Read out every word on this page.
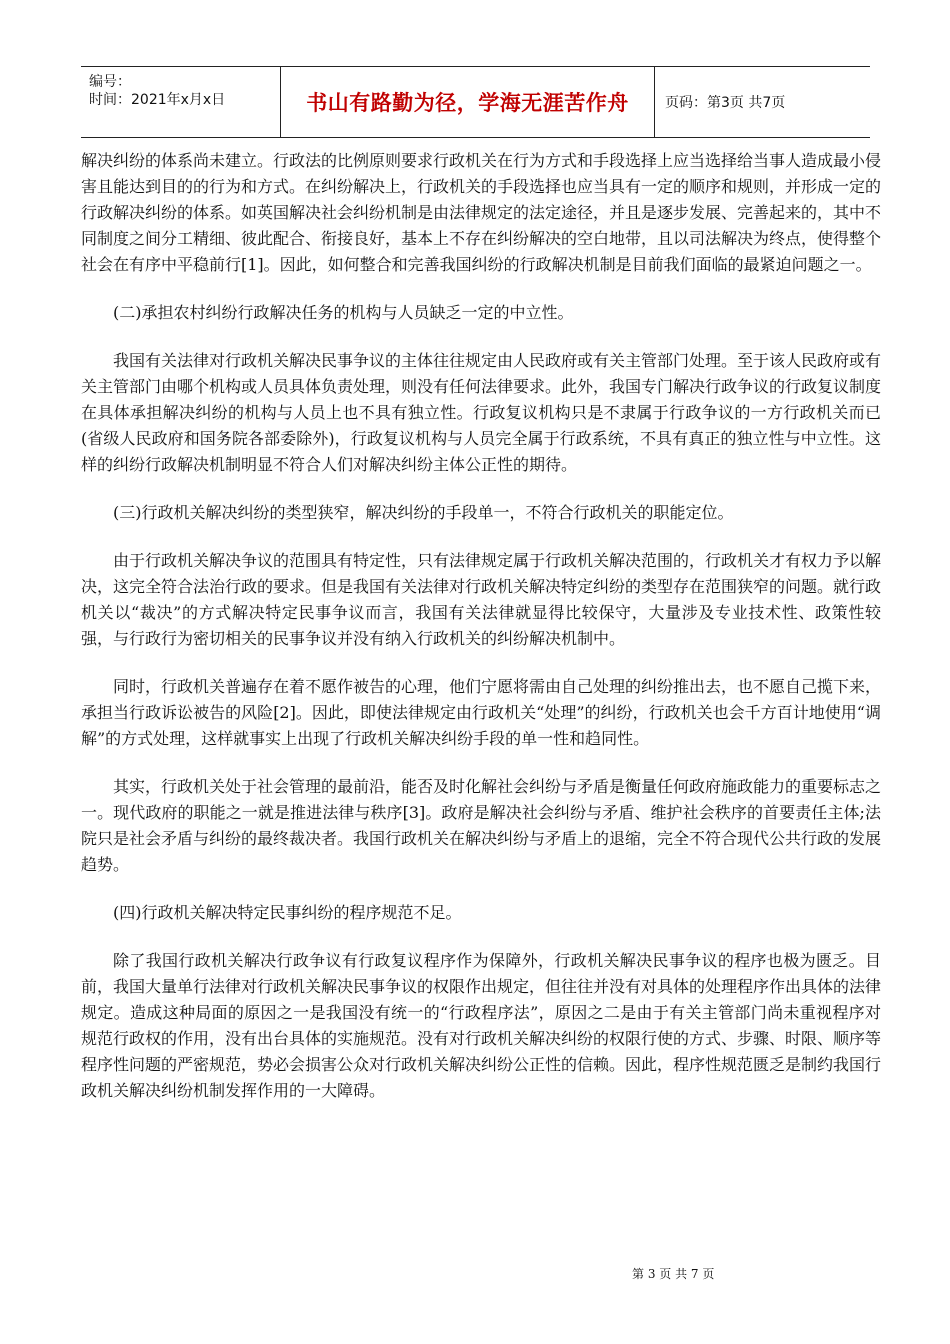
编号：
时间：2021年x月x日	书山有路勤为径，学海无涯苦作舟	页码：第3页 共7页

解决纠纷的体系尚未建立。行政法的比例原则要求行政机关在行为方式和手段选择上应当选择给当事人造成最小侵害且能达到目的的行为和方式。在纠纷解决上，行政机关的手段选择也应当具有一定的顺序和规则，并形成一定的行政解决纠纷的体系。如英国解决社会纠纷机制是由法律规定的法定途径，并且是逐步发展、完善起来的，其中不同制度之间分工精细、彼此配合、衔接良好，基本上不存在纠纷解决的空白地带，且以司法解决为终点，使得整个社会在有序中平稳前行[1]。因此，如何整合和完善我国纠纷的行政解决机制是目前我们面临的最紧迫问题之一。

(二)承担农村纠纷行政解决任务的机构与人员缺乏一定的中立性。

我国有关法律对行政机关解决民事争议的主体往往规定由人民政府或有关主管部门处理。至于该人民政府或有关主管部门由哪个机构或人员具体负责处理，则没有任何法律要求。此外，我国专门解决行政争议的行政复议制度在具体承担解决纠纷的机构与人员上也不具有独立性。行政复议机构只是不隶属于行政争议的一方行政机关而已(省级人民政府和国务院各部委除外)，行政复议机构与人员完全属于行政系统，不具有真正的独立性与中立性。这样的纠纷行政解决机制明显不符合人们对解决纠纷主体公正性的期待。

(三)行政机关解决纠纷的类型狭窄，解决纠纷的手段单一，不符合行政机关的职能定位。

由于行政机关解决争议的范围具有特定性，只有法律规定属于行政机关解决范围的，行政机关才有权力予以解决，这完全符合法治行政的要求。但是我国有关法律对行政机关解决特定纠纷的类型存在范围狭窄的问题。就行政机关以“裁决”的方式解决特定民事争议而言，我国有关法律就显得比较保守，大量涉及专业技术性、政策性较强，与行政行为密切相关的民事争议并没有纳入行政机关的纠纷解决机制中。

同时，行政机关普遍存在着不愿作被告的心理，他们宁愿将需由自己处理的纠纷推出去，也不愿自己揽下来，承担当行政诉讼被告的风险[2]。因此，即使法律规定由行政机关“处理”的纠纷，行政机关也会千方百计地使用“调解”的方式处理，这样就事实上出现了行政机关解决纠纷手段的单一性和趋同性。

其实，行政机关处于社会管理的最前沿，能否及时化解社会纠纷与矛盾是衡量任何政府施政能力的重要标志之一。现代政府的职能之一就是推进法律与秩序[3]。政府是解决社会纠纷与矛盾、维护社会秩序的首要责任主体;法院只是社会矛盾与纠纷的最终裁决者。我国行政机关在解决纠纷与矛盾上的退缩，完全不符合现代公共行政的发展趋势。

(四)行政机关解决特定民事纠纷的程序规范不足。

除了我国行政机关解决行政争议有行政复议程序作为保障外，行政机关解决民事争议的程序也极为匮乏。目前，我国大量单行法律对行政机关解决民事争议的权限作出规定，但往往并没有对具体的处理程序作出具体的法律规定。造成这种局面的原因之一是我国没有统一的“行政程序法”，原因之二是由于有关主管部门尚未重视程序对规范行政权的作用，没有出台具体的实施规范。没有对行政机关解决纠纷的权限行使的方式、步骤、时限、顺序等程序性问题的严密规范，势必会损害公众对行政机关解决纠纷公正性的信赖。因此，程序性规范匮乏是制约我国行政机关解决纠纷机制发挥作用的一大障碍。

第 3 页 共 7 页
